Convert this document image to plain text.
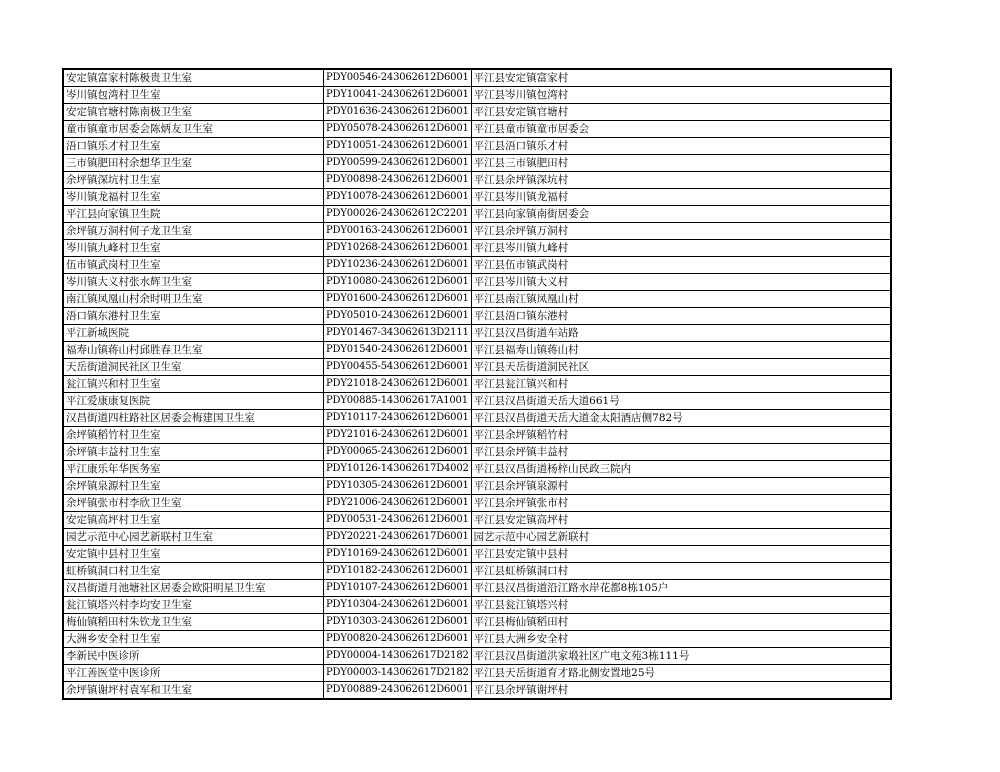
安定镇富家村陈极贵卫生室	PDY00546-243062612D6001	平江县安定镇富家村
岑川镇包湾村卫生室	PDY10041-243062612D6001	平江县岑川镇包湾村
安定镇官塘村陈南极卫生室	PDY01636-243062612D6001	平江县安定镇官塘村
童市镇童市居委会陈炳友卫生室	PDY05078-243062612D6001	平江县童市镇童市居委会
浯口镇乐才村卫生室	PDY10051-243062612D6001	平江县浯口镇乐才村
三市镇肥田村余想华卫生室	PDY00599-243062612D6001	平江县三市镇肥田村
余坪镇深坑村卫生室	PDY00898-243062612D6001	平江县余坪镇深坑村
岑川镇龙福村卫生室	PDY10078-243062612D6001	平江县岑川镇龙福村
平江县向家镇卫生院	PDY00026-243062612C2201	平江县向家镇南街居委会
余坪镇万洞村何子龙卫生室	PDY00163-243062612D6001	平江县余坪镇万洞村
岑川镇九峰村卫生室	PDY10268-243062612D6001	平江县岑川镇九峰村
伍市镇武岗村卫生室	PDY10236-243062612D6001	平江县伍市镇武岗村
岑川镇大义村张水辉卫生室	PDY10080-243062612D6001	平江县岑川镇大义村
南江镇凤凰山村余时明卫生室	PDY01600-243062612D6001	平江县南江镇凤凰山村
浯口镇东港村卫生室	PDY05010-243062612D6001	平江县浯口镇东港村
平江新城医院	PDY01467-343062613D2111	平江县汉昌街道车站路
福寿山镇蒋山村邱胜春卫生室	PDY01540-243062612D6001	平江县福寿山镇蒋山村
天岳街道洞民社区卫生室	PDY00455-543062612D6001	平江县天岳街道洞民社区
瓮江镇兴和村卫生室	PDY21018-243062612D6001	平江县瓮江镇兴和村
平江爱康康复医院	PDY00885-143062617A1001	平江县汉昌街道天岳大道661号
汉昌街道四柱路社区居委会梅建国卫生室	PDY10117-243062612D6001	平江县汉昌街道天岳大道金太阳酒店侧782号
余坪镇稻竹村卫生室	PDY21016-243062612D6001	平江县余坪镇稻竹村
余坪镇丰益村卫生室	PDY00065-243062612D6001	平江县余坪镇丰益村
平江康乐年华医务室	PDY10126-143062617D4002	平江县汉昌街道杨梓山民政三院内
余坪镇泉源村卫生室	PDY10305-243062612D6001	平江县余坪镇泉源村
余坪镇张市村李欣卫生室	PDY21006-243062612D6001	平江县余坪镇张市村
安定镇高坪村卫生室	PDY00531-243062612D6001	平江县安定镇高坪村
园艺示范中心园艺新联村卫生室	PDY20221-243062617D6001	园艺示范中心园艺新联村
安定镇中县村卫生室	PDY10169-243062612D6001	平江县安定镇中县村
虹桥镇洞口村卫生室	PDY10182-243062612D6001	平江县虹桥镇洞口村
汉昌街道月池塘社区居委会欧阳明星卫生室	PDY10107-243062612D6001	平江县汉昌街道沿江路水岸花都8栋105户
瓮江镇塔兴村李均安卫生室	PDY10304-243062612D6001	平江县瓮江镇塔兴村
梅仙镇稻田村朱钦龙卫生室	PDY10303-243062612D6001	平江县梅仙镇稻田村
大洲乡安全村卫生室	PDY00820-243062612D6001	平江县大洲乡安全村
李新民中医诊所	PDY00004-143062617D2182	平江县汉昌街道洪家塅社区广电文苑3栋111号
平江善医堂中医诊所	PDY00003-143062617D2182	平江县天岳街道育才路北侧安置地25号
余坪镇谢坪村袁军和卫生室	PDY00889-243062612D6001	平江县余坪镇谢坪村
